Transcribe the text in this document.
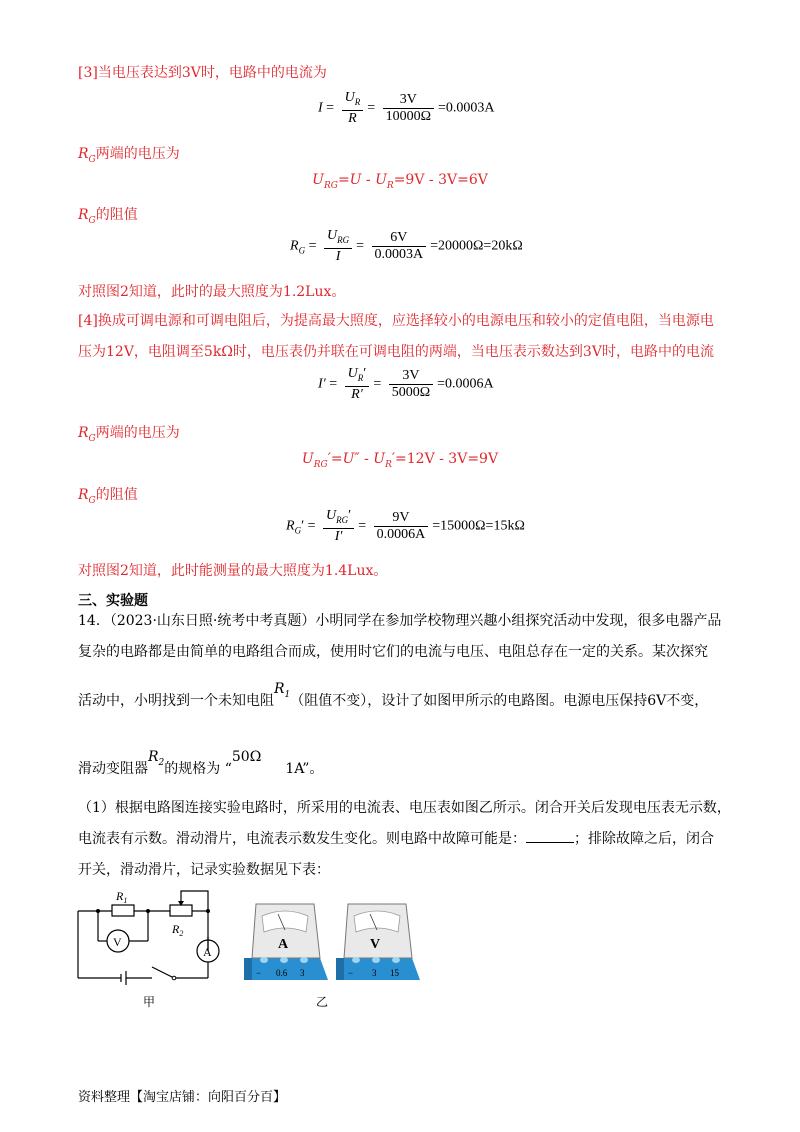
[3]当电压表达到3V时，电路中的电流为
$I = \frac{U_R}{R} = \frac{3V}{10000\Omega} =0.0003A$
$R_G$两端的电压为
$U_{RG}=U - U_R=9V - 3V=6V$
$R_G$的阻值
$R_G = \frac{U_{RG}}{I} = \frac{6V}{0.0003A} =20000\Omega=20k\Omega$
对照图2知道，此时的最大照度为1.2Lux。
[4]换成可调电源和可调电阻后，为提高最大照度，应选择较小的电源电压和较小的定值电阻，当电源电
压为12V，电阻调至5kΩ时，电压表仍并联在可调电阻的两端，当电压表示数达到3V时，电路中的电流
$I' = \frac{U_R'}{R'} = \frac{3V}{5000\Omega} =0.0006A$
$R_G$两端的电压为
$U_{RG}'=U'' - U_R'=12V - 3V=9V$
$R_G$的阻值
$R_G' = \frac{U_{RG}'}{I'} = \frac{9V}{0.0006A} =15000\Omega=15k\Omega$
对照图2知道，此时能测量的最大照度为1.4Lux。
三、实验题
14．（2023·山东日照·统考中考真题）小明同学在参加学校物理兴趣小组探究活动中发现，很多电器产品
复杂的电路都是由简单的电路组合而成，使用时它们的电流与电压、电阻总存在一定的关系。某次探究
活动中，小明找到一个未知电阻$R_1$（阻值不变），设计了如图甲所示的电路图。电源电压保持6V不变，
滑动变阻器$R_2$的规格为 “50Ω1A”。
（1）根据电路图连接实验电路时，所采用的电流表、电压表如图乙所示。闭合开关后发现电压表无示数，
电流表有示数。滑动滑片，电流表示数发生变化。则电路中故障可能是：	；排除故障之后，闭合
开关，滑动滑片，记录实验数据见下表：
$R_1$
$R_2$
V
A
甲
A
− 0.6 3
V
− 3 15
乙
资料整理【淘宝店铺：向阳百分百】
